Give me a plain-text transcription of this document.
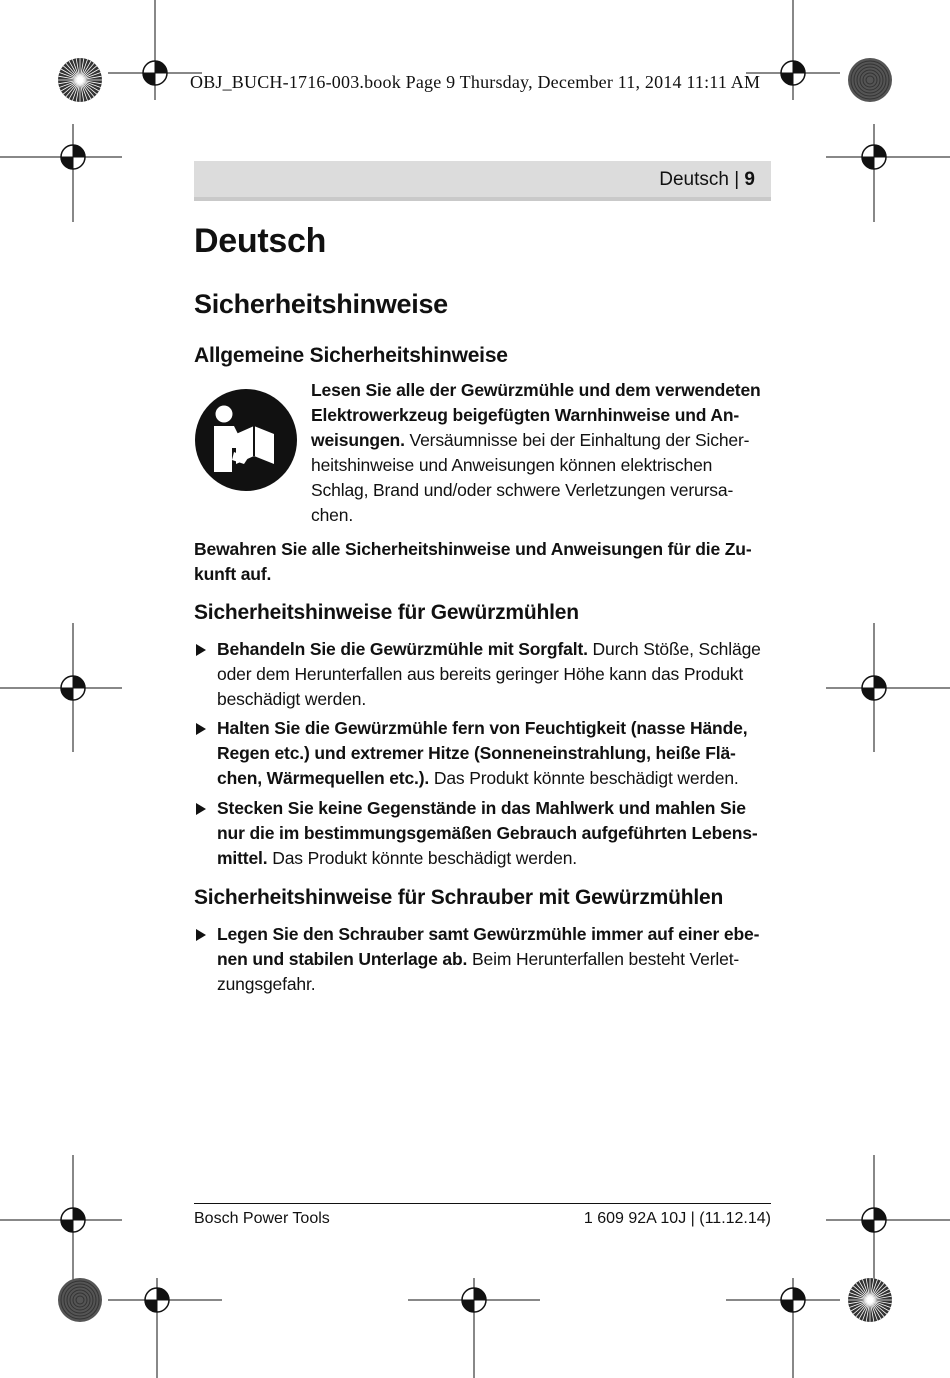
OBJ_BUCH-1716-003.book Page 9 Thursday, December 11, 2014 11:11 AM
Deutsch | 9
Deutsch
Sicherheitshinweise
Allgemeine Sicherheitshinweise
Lesen Sie alle der Gewürzmühle und dem verwendeten
Elektrowerkzeug beigefügten Warnhinweise und An-
weisungen. Versäumnisse bei der Einhaltung der Sicher-
heitshinweise und Anweisungen können elektrischen
Schlag, Brand und/oder schwere Verletzungen verursa-
chen.
Bewahren Sie alle Sicherheitshinweise und Anweisungen für die Zu-
kunft auf.
Sicherheitshinweise für Gewürzmühlen
Behandeln Sie die Gewürzmühle mit Sorgfalt. Durch Stöße, Schläge
oder dem Herunterfallen aus bereits geringer Höhe kann das Produkt
beschädigt werden.
Halten Sie die Gewürzmühle fern von Feuchtigkeit (nasse Hände,
Regen etc.) und extremer Hitze (Sonneneinstrahlung, heiße Flä-
chen, Wärmequellen etc.). Das Produkt könnte beschädigt werden.
Stecken Sie keine Gegenstände in das Mahlwerk und mahlen Sie
nur die im bestimmungsgemäßen Gebrauch aufgeführten Lebens-
mittel. Das Produkt könnte beschädigt werden.
Sicherheitshinweise für Schrauber mit Gewürzmühlen
Legen Sie den Schrauber samt Gewürzmühle immer auf einer ebe-
nen und stabilen Unterlage ab. Beim Herunterfallen besteht Verlet-
zungsgefahr.
Bosch Power Tools	1 609 92A 10J | (11.12.14)
